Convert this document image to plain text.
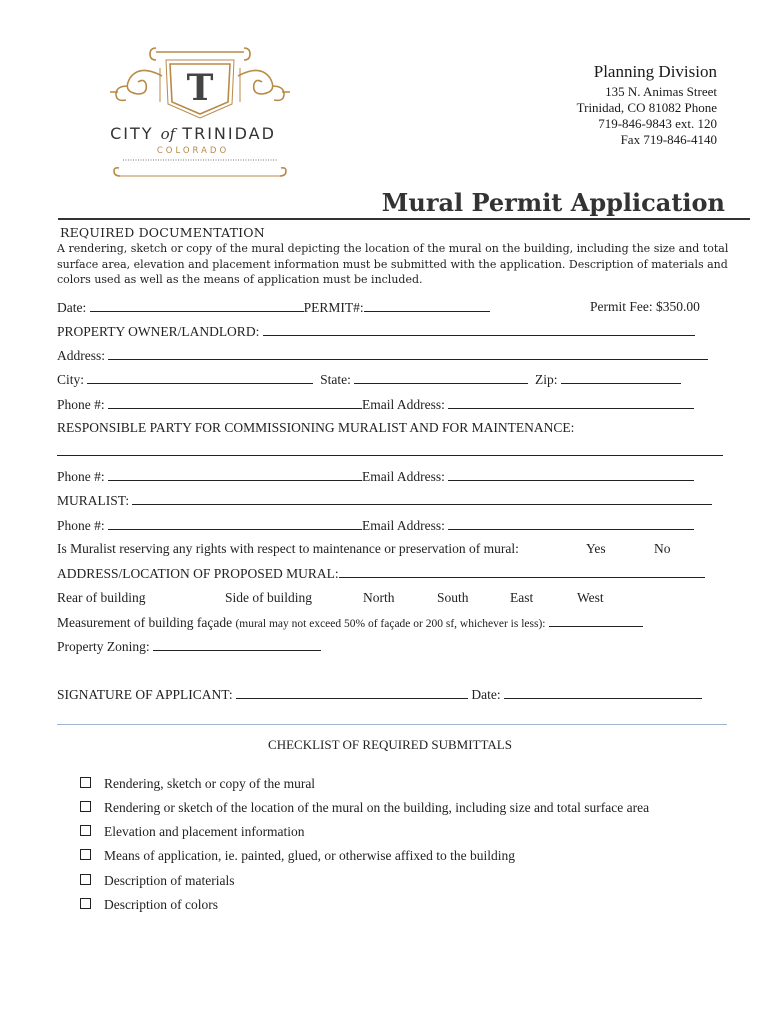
T
CITY of TRINIDAD
COLORADO
Planning Division
135 N. Animas Street
Trinidad, CO 81082 Phone
719-846-9843 ext. 120
Fax 719-846-4140
Mural Permit Application
REQUIRED DOCUMENTATION
A rendering, sketch or copy of the mural depicting the location of the mural on the building, including the size and total surface area, elevation and placement information must be submitted with the application. Description of materials and colors used as well as the means of application must be included.
Date:	PERMIT#:	Permit Fee: $350.00
PROPERTY OWNER/LANDLORD:
Address:
City:	State:	Zip:
Phone #:	Email Address:
RESPONSIBLE PARTY FOR COMMISSIONING MURALIST AND FOR MAINTENANCE:
Phone #:	Email Address:
MURALIST:
Phone #:	Email Address:
Is Muralist reserving any rights with respect to maintenance or preservation of mural:	Yes	No
ADDRESS/LOCATION OF PROPOSED MURAL:
Rear of building	Side of building	North	South	East	West
Measurement of building façade (mural may not exceed 50% of façade or 200 sf, whichever is less):
Property Zoning:
SIGNATURE OF APPLICANT:	Date:
CHECKLIST OF REQUIRED SUBMITTALS
Rendering, sketch or copy of the mural
Rendering or sketch of the location of the mural on the building, including size and total surface area
Elevation and placement information
Means of application, ie. painted, glued, or otherwise affixed to the building
Description of materials
Description of colors
